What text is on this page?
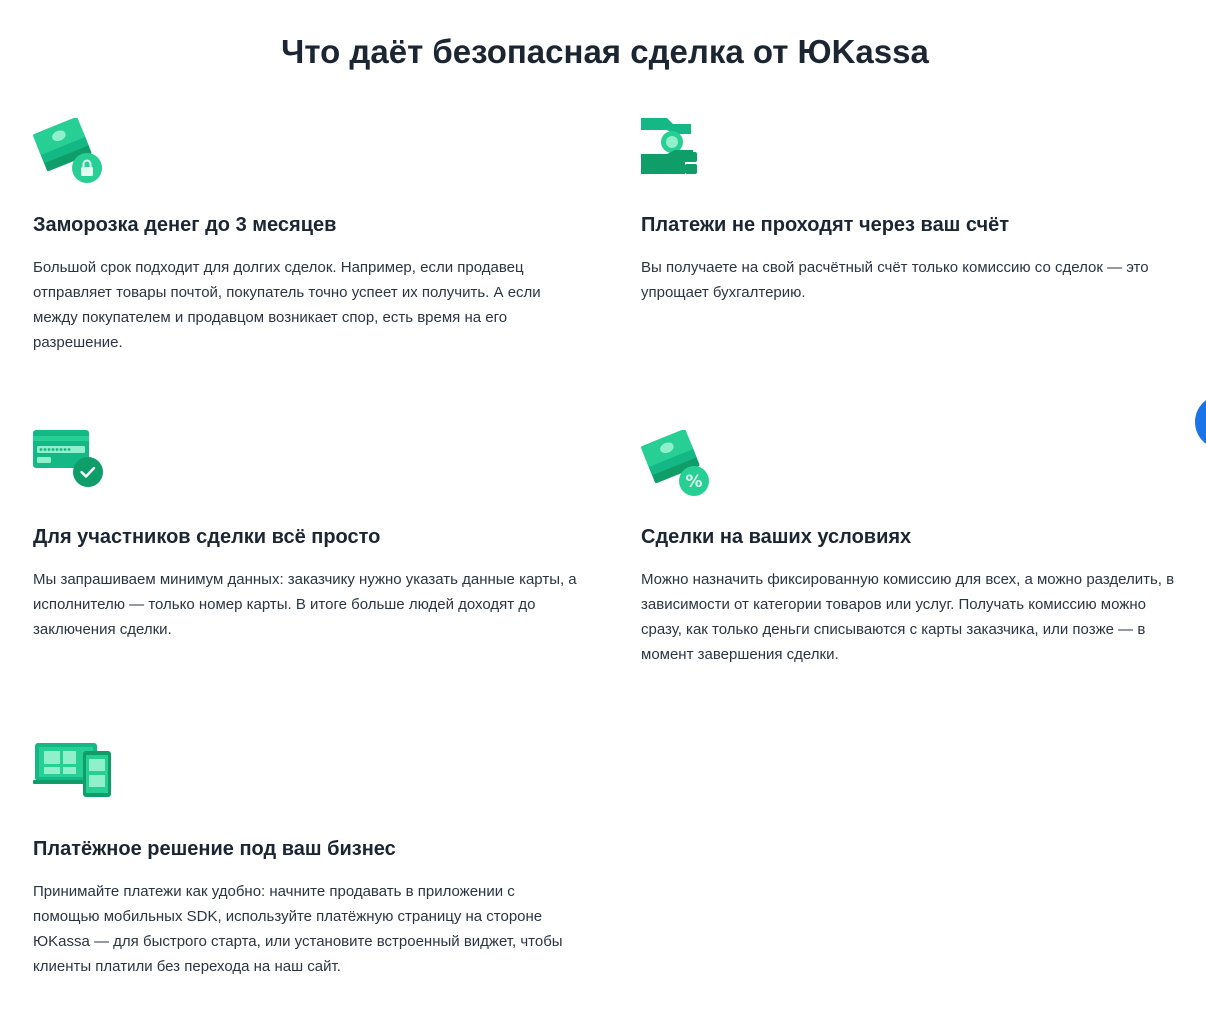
Что даёт безопасная сделка от ЮKassa
Заморозка денег до 3 месяцев

Большой срок подходит для долгих сделок. Например, если продавец отправляет товары почтой, покупатель точно успеет их получить. А если между покупателем и продавцом возникает спор, есть время на его разрешение.

Платежи не проходят через ваш счёт

Вы получаете на свой расчётный счёт только комиссию со сделок — это упрощает бухгалтерию.

Для участников сделки всё просто

Мы запрашиваем минимум данных: заказчику нужно указать данные карты, а исполнителю — только номер карты. В итоге больше людей доходят до заключения сделки.

%
Сделки на ваших условиях

Можно назначить фиксированную комиссию для всех, а можно разделить, в зависимости от категории товаров или услуг. Получать комиссию можно сразу, как только деньги списываются с карты заказчика, или позже — в момент завершения сделки.

Платёжное решение под ваш бизнес

Принимайте платежи как удобно: начните продавать в приложении с помощью мобильных SDK, используйте платёжную страницу на стороне ЮKassa — для быстрого старта, или установите встроенный виджет, чтобы клиенты платили без перехода на наш сайт.
